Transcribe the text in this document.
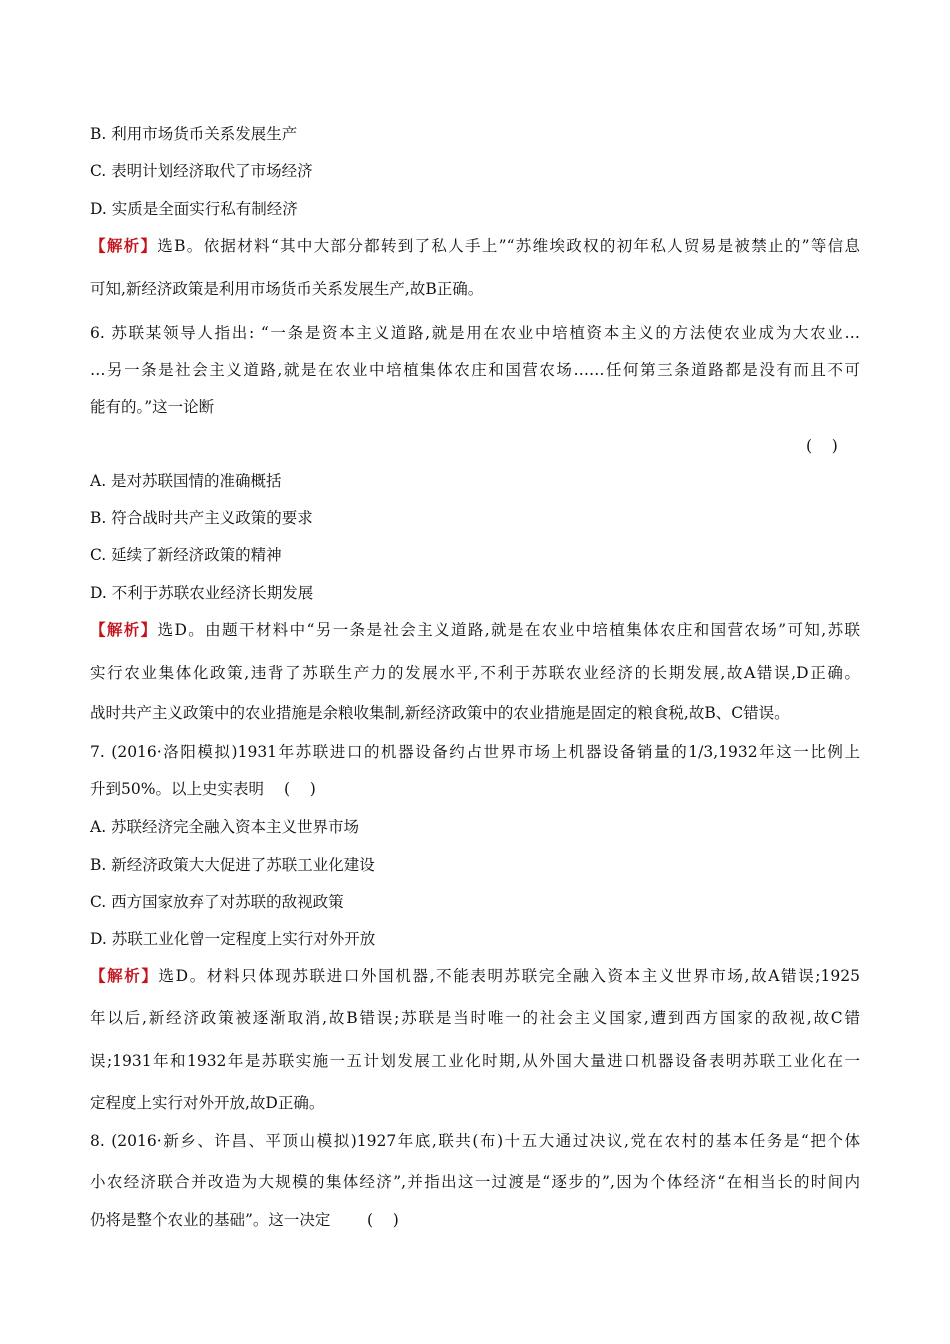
B. 利用市场货币关系发展生产
C. 表明计划经济取代了市场经济
D. 实质是全面实行私有制经济
【解析】选B。依据材料“其中大部分都转到了私人手上”“苏维埃政权的初年私人贸易是被禁止的”等信息
可知,新经济政策是利用市场货币关系发展生产,故B正确。
6. 苏联某领导人指出: “一条是资本主义道路,就是用在农业中培植资本主义的方法使农业成为大农业…
…另一条是社会主义道路,就是在农业中培植集体农庄和国营农场……任何第三条道路都是没有而且不可
能有的。”这一论断
(    )
A. 是对苏联国情的准确概括
B. 符合战时共产主义政策的要求
C. 延续了新经济政策的精神
D. 不利于苏联农业经济长期发展
【解析】选D。由题干材料中“另一条是社会主义道路,就是在农业中培植集体农庄和国营农场”可知,苏联
实行农业集体化政策,违背了苏联生产力的发展水平,不利于苏联农业经济的长期发展,故A错误,D正确。
战时共产主义政策中的农业措施是余粮收集制,新经济政策中的农业措施是固定的粮食税,故B、C错误。
7. (2016·洛阳模拟)1931年苏联进口的机器设备约占世界市场上机器设备销量的1/3,1932年这一比例上
升到50%。以上史实表明	(    )
A. 苏联经济完全融入资本主义世界市场
B. 新经济政策大大促进了苏联工业化建设
C. 西方国家放弃了对苏联的敌视政策
D. 苏联工业化曾一定程度上实行对外开放
【解析】选D。材料只体现苏联进口外国机器,不能表明苏联完全融入资本主义世界市场,故A错误;1925
年以后,新经济政策被逐渐取消,故B错误;苏联是当时唯一的社会主义国家,遭到西方国家的敌视,故C错
误;1931年和1932年是苏联实施一五计划发展工业化时期,从外国大量进口机器设备表明苏联工业化在一
定程度上实行对外开放,故D正确。
8. (2016·新乡、许昌、平顶山模拟)1927年底,联共(布)十五大通过决议,党在农村的基本任务是“把个体
小农经济联合并改造为大规模的集体经济”,并指出这一过渡是“逐步的”,因为个体经济“在相当长的时间内
仍将是整个农业的基础”。这一决定	(    )
